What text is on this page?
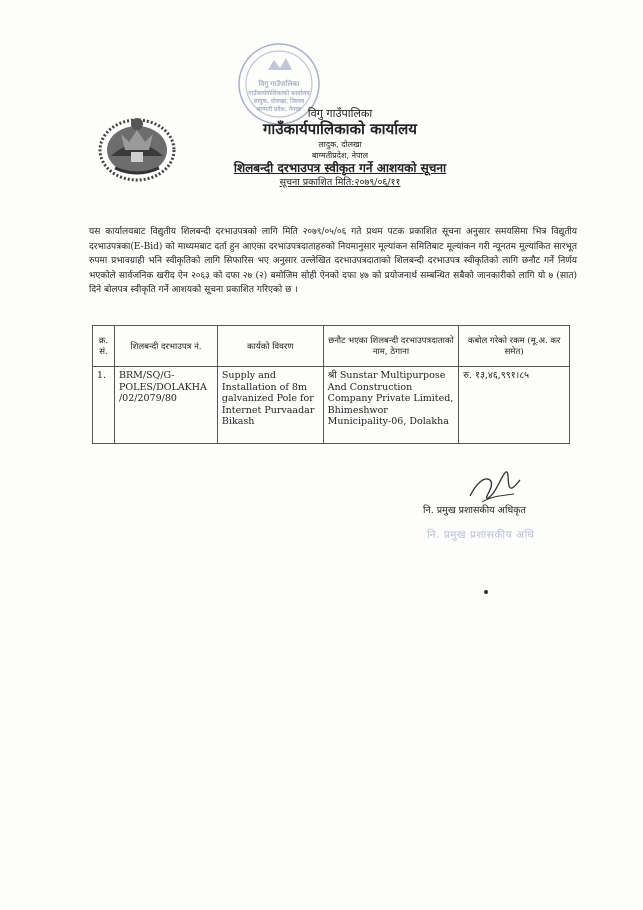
विगु गाउँपालिका
गाउँकार्यपालिकाको कार्यालय
लादुक, दोलखा, जिल्ला
बाग्मती प्रदेश, नेपाल विगु गाउँपालिका
गाउँकार्यपालिकाको कार्यालय
लादुक, दोलखा
बाग्मतीप्रदेश, नेपाल
शिलबन्दी दरभाउपत्र स्वीकृत गर्ने आशयको सूचना
सूचना प्रकाशित मिति:२०७९/०६/११
यस कार्यालयबाट विद्युतीय शिलबन्दी दरभाउपत्रको लागि मिति २०७९/०५/०६ गते प्रथम पटक प्रकाशित सूचना अनुसार समयसिमा भित्र विद्युतीय दरभाउपत्रका(E-Bid) को माध्यमबाट दर्ता हुन आएका दरभाउपत्रदाताहरुको नियमानुसार मूल्यांकन समितिबाट मूल्यांकन गरी न्यूनतम मूल्यांकित सारभूत रुपमा प्रभावग्राही भनि स्वीकृतिको लागि सिफारिस भए अनुसार उल्लेखित दरभाउपत्रदाताको शिलबन्दी दरभाउपत्र स्वीकृतिको लागि छनौट गर्ने निर्णय भएकोले सार्वजनिक खरीद ऐन २०६३ को दफा २७ (२) बमोजिम सोही ऐनको दफा ४७ को प्रयोजनार्थ सम्बन्धित सबैको जानकारीको लागि यो ७ (सात) दिने बोलपत्र स्वीकृति गर्ने आशयको सूचना प्रकाशित गरिएको छ ।
क्र. सं.	शिलबन्दी दरभाउपत्र नं.	कार्यको विवरण	छनौट भएका शिलबन्दी दरभाउपत्रदाताको नाम, ठेगाना	कबोल गरेको रकम (मू.अ. कर समेत)
1.	BRM/SQ/G-POLES/DOLAKHA /02/2079/80	Supply and Installation of 8m galvanized Pole for Internet Purvaadar Bikash	श्री Sunstar Multipurpose And Construction Company Private Limited, Bhimeshwor Municipality-06, Dolakha	रु. १३,४६,९९१।८५
नि. प्रमुख प्रशासकीय अधिकृत
नि. प्रमुख प्रशासकीय अधि
